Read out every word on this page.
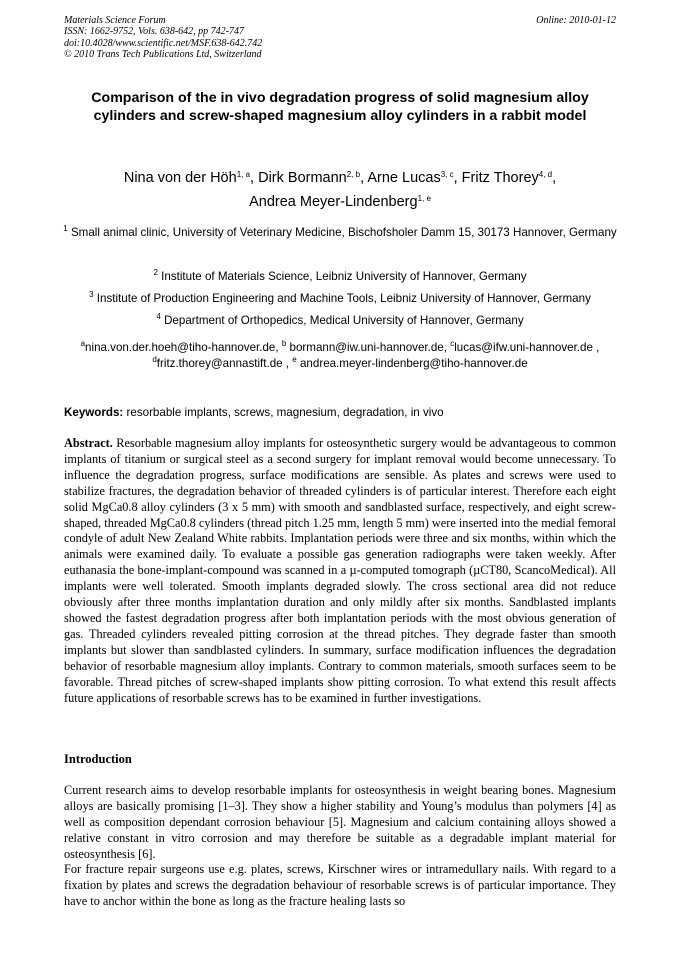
Materials Science Forum
ISSN: 1662-9752, Vols. 638-642, pp 742-747
doi:10.4028/www.scientific.net/MSF.638-642.742
© 2010 Trans Tech Publications Ltd, Switzerland
Online: 2010-01-12
Comparison of the in vivo degradation progress of solid magnesium alloy cylinders and screw-shaped magnesium alloy cylinders in a rabbit model
Nina von der Höh$^{1, a}$, Dirk Bormann$^{2, b}$, Arne Lucas$^{3, c}$, Fritz Thorey$^{4, d}$,
Andrea Meyer-Lindenberg$^{1, e}$
$^1$ Small animal clinic, University of Veterinary Medicine, Bischofsholer Damm 15, 30173 Hannover, Germany
$^2$ Institute of Materials Science, Leibniz University of Hannover, Germany
$^3$ Institute of Production Engineering and Machine Tools, Leibniz University of Hannover, Germany
$^4$ Department of Orthopedics, Medical University of Hannover, Germany
$^a$nina.von.der.hoeh@tiho-hannover.de, $^b$ bormann@iw.uni-hannover.de, $^c$lucas@ifw.uni-hannover.de , $^d$fritz.thorey@annastift.de , $^e$ andrea.meyer-lindenberg@tiho-hannover.de
Keywords: resorbable implants, screws, magnesium, degradation, in vivo

Abstract. Resorbable magnesium alloy implants for osteosynthetic surgery would be advantageous to common implants of titanium or surgical steel as a second surgery for implant removal would become unnecessary. To influence the degradation progress, surface modifications are sensible. As plates and screws were used to stabilize fractures, the degradation behavior of threaded cylinders is of particular interest. Therefore each eight solid MgCa0.8 alloy cylinders (3 x 5 mm) with smooth and sandblasted surface, respectively, and eight screw-shaped, threaded MgCa0.8 cylinders (thread pitch 1.25 mm, length 5 mm) were inserted into the medial femoral condyle of adult New Zealand White rabbits. Implantation periods were three and six months, within which the animals were examined daily. To evaluate a possible gas generation radiographs were taken weekly. After euthanasia the bone-implant-compound was scanned in a µ-computed tomograph (µCT80, ScancoMedical). All implants were well tolerated. Smooth implants degraded slowly. The cross sectional area did not reduce obviously after three months implantation duration and only mildly after six months. Sandblasted implants showed the fastest degradation progress after both implantation periods with the most obvious generation of gas. Threaded cylinders revealed pitting corrosion at the thread pitches. They degrade faster than smooth implants but slower than sandblasted cylinders. In summary, surface modification influences the degradation behavior of resorbable magnesium alloy implants. Contrary to common materials, smooth surfaces seem to be favorable. Thread pitches of screw-shaped implants show pitting corrosion. To what extend this result affects future applications of resorbable screws has to be examined in further investigations.

Introduction

Current research aims to develop resorbable implants for osteosynthesis in weight bearing bones. Magnesium alloys are basically promising [1–3]. They show a higher stability and Young’s modulus than polymers [4] as well as composition dependant corrosion behaviour [5]. Magnesium and calcium containing alloys showed a relative constant in vitro corrosion and may therefore be suitable as a degradable implant material for osteosynthesis [6].

For fracture repair surgeons use e.g. plates, screws, Kirschner wires or intramedullary nails. With regard to a fixation by plates and screws the degradation behaviour of resorbable screws is of particular importance. They have to anchor within the bone as long as the fracture healing lasts so
